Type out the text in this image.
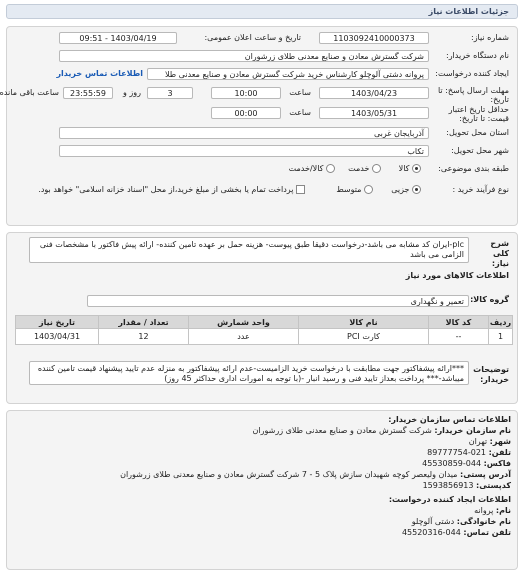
جزئیات اطلاعات نیاز
شماره نیاز:
1103092410000373
تاریخ و ساعت اعلان عمومی:
1403/04/19 - 09:51
نام دستگاه خریدار:
شرکت گسترش معادن و صنایع معدنی طلای زرشوران
ایجاد کننده درخواست:
پروانه دشتی آلوچلو کارشناس خرید شرکت گسترش معادن و صنایع معدنی طلا
اطلاعات تماس خریدار
مهلت ارسال پاسخ: تا تاریخ:
1403/04/23
ساعت
10:00
3
روز و
23:55:59
ساعت باقی مانده
حداقل تاریخ اعتبار قیمت: تا تاریخ:
1403/05/31
ساعت
00:00
استان محل تحویل:
آذربایجان غربی
شهر محل تحویل:
تکاب
طبقه بندی موضوعی:
کالا
خدمت
کالا/خدمت
نوع فرآیند خرید :
جزیی
متوسط
پرداخت تمام یا بخشی از مبلغ خرید،از محل "اسناد خزانه اسلامی" خواهد بود.
شرح کلی نیاز:
plc-ایران کد مشابه می باشد-درخواست دقیقا طبق پیوست- هزینه حمل بر عهده تامین کننده- ارائه پیش فاکتور با مشخصات فنی الزامی می باشد
اطلاعات کالاهای مورد نیاز
گروه کالا:
تعمیر و نگهداری
ردیف	کد کالا	نام کالا	واحد شمارش	تعداد / مقدار	تاریخ نیاز
1	--	کارت PCI	عدد	12	1403/04/31
توضیحات خریدار:
***ارائه پیشفاکتور جهت مطابقت با درخواست خرید الزامیست-عدم ارائه پیشفاکتور به منزله عدم تایید پیشنهاد قیمت تامین کننده میباشد-*** پرداخت بعداز تایید فنی و رسید انبار -(با توجه به امورات اداری حداکثر 45 روز)
اطلاعات تماس سازمان خریدار:
نام سازمان خریدار: شرکت گسترش معادن و صنایع معدنی طلای زرشوران
شهر: تهران
تلفن: 021-89777754
فاکس: 044-45530859
آدرس پستی: میدان ولیعصر کوچه شهیدان سازش پلاک 5 - 7 شرکت گسترش معادن و صنایع معدنی طلای زرشوران
کدپستی: 1593856913
اطلاعات ایجاد کننده درخواست:
نام: پروانه
نام خانوادگی: دشتی آلوچلو
تلفن تماس: 044-45520316
